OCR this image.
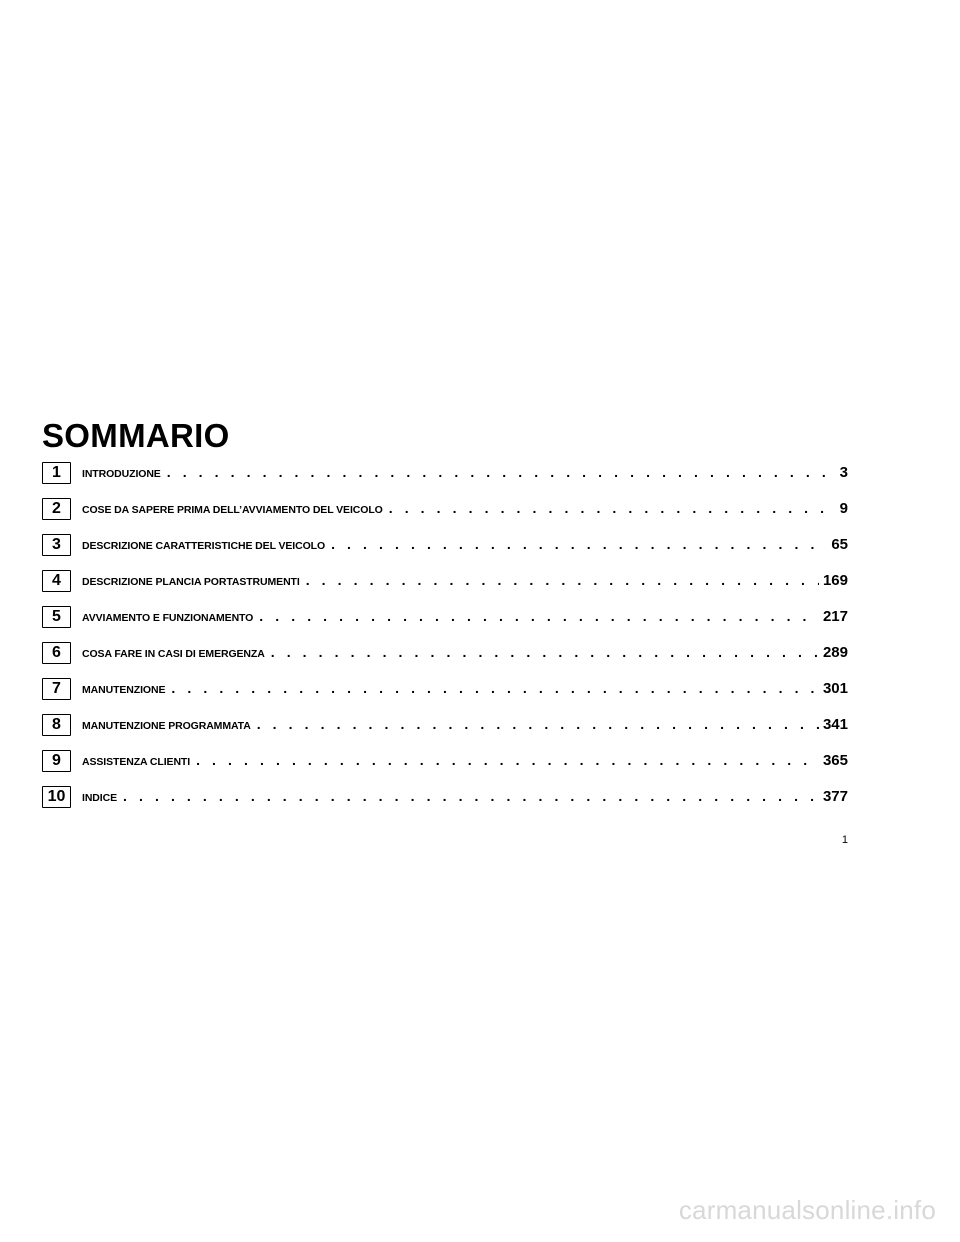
SOMMARIO
1	INTRODUZIONE . . .	3
2	COSE DA SAPERE PRIMA DELL’AVVIAMENTO DEL VEICOLO . . .	9
3	DESCRIZIONE CARATTERISTICHE DEL VEICOLO . . .	65
4	DESCRIZIONE PLANCIA PORTASTRUMENTI . . .	169
5	AVVIAMENTO E FUNZIONAMENTO . . .	217
6	COSA FARE IN CASI DI EMERGENZA . . .	289
7	MANUTENZIONE . . .	301
8	MANUTENZIONE PROGRAMMATA . . .	341
9	ASSISTENZA CLIENTI . . .	365
10	INDICE . . .	377
1
carmanualsonline.info
